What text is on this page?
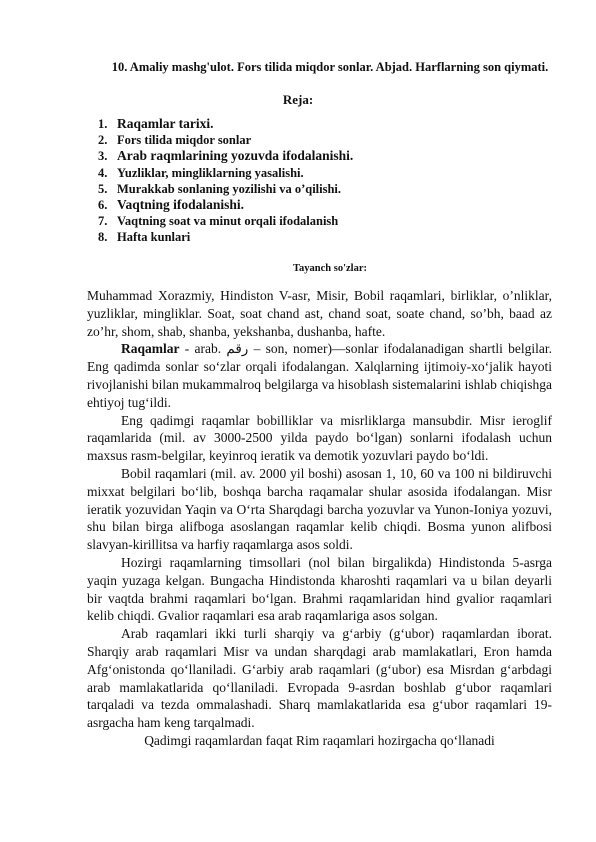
10. Amaliy mashg'ulot. Fors tilida miqdor sonlar. Abjad. Harflarning son qiymati.
Reja:
1. Raqamlar tarixi.
2. Fors tilida miqdor sonlar
3. Arab raqmlarining yozuvda ifodalanishi.
4. Yuzliklar, mingliklarning yasalishi.
5. Murakkab sonlaning yozilishi va o’qilishi.
6. Vaqtning ifodalanishi.
7. Vaqtning soat va minut orqali ifodalanish
8. Hafta kunlari
Tayanch so'zlar:

Muhammad Xorazmiy, Hindiston V-asr, Misir, Bobil raqamlari, birliklar, o’nliklar, yuzliklar, mingliklar. Soat, soat chand ast, chand soat, soate chand, so’bh, baad az zo’hr, shom, shab, shanba, yekshanba, dushanba, hafte.

Raqamlar - arab. رقم – son, nomer)—sonlar ifodalanadigan shartli belgilar. Eng qadimda sonlar so‘zlar orqali ifodalangan. Xalqlarning ijtimoiy-xo‘jalik hayoti rivojlanishi bilan mukammalroq belgilarga va hisoblash sistemalarini ishlab chiqishga ehtiyoj tug‘ildi.

Eng qadimgi raqamlar bobilliklar va misrliklarga mansubdir. Misr ieroglif raqamlarida (mil. av 3000-2500 yilda paydo bo‘lgan) sonlarni ifodalash uchun maxsus rasm-belgilar, keyinroq ieratik va demotik yozuvlari paydo bo‘ldi.

Bobil raqamlari (mil. av. 2000 yil boshi) asosan 1, 10, 60 va 100 ni bildiruvchi mixxat belgilari bo‘lib, boshqa barcha raqamalar shular asosida ifodalangan. Misr ieratik yozuvidan Yaqin va O‘rta Sharqdagi barcha yozuvlar va Yunon-Ioniya yozuvi, shu bilan birga alifboga asoslangan raqamlar kelib chiqdi. Bosma yunon alifbosi slavyan-kirillitsa va harfiy raqamlarga asos soldi.

Hozirgi raqamlarning timsollari (nol bilan birgalikda) Hindistonda 5-asrga yaqin yuzaga kelgan. Bungacha Hindistonda kharoshti raqamlari va u bilan deyarli bir vaqtda brahmi raqamlari bo‘lgan. Brahmi raqamlaridan hind gvalior raqamlari kelib chiqdi. Gvalior raqamlari esa arab raqamlariga asos solgan.

Arab raqamlari ikki turli sharqiy va g‘arbiy (g‘ubor) raqamlardan iborat. Sharqiy arab raqamlari Misr va undan sharqdagi arab mamlakatlari, Eron hamda Afg‘onistonda qo‘llaniladi. G‘arbiy arab raqamlari (g‘ubor) esa Misrdan g‘arbdagi arab mamlakatlarida qo‘llaniladi. Evropada 9-asrdan boshlab g‘ubor raqamlari tarqaladi va tezda ommalashadi. Sharq mamlakatlarida esa g‘ubor raqamlari 19-asrgacha ham keng tarqalmadi.

Qadimgi raqamlardan faqat Rim raqamlari hozirgacha qo‘llanadi
